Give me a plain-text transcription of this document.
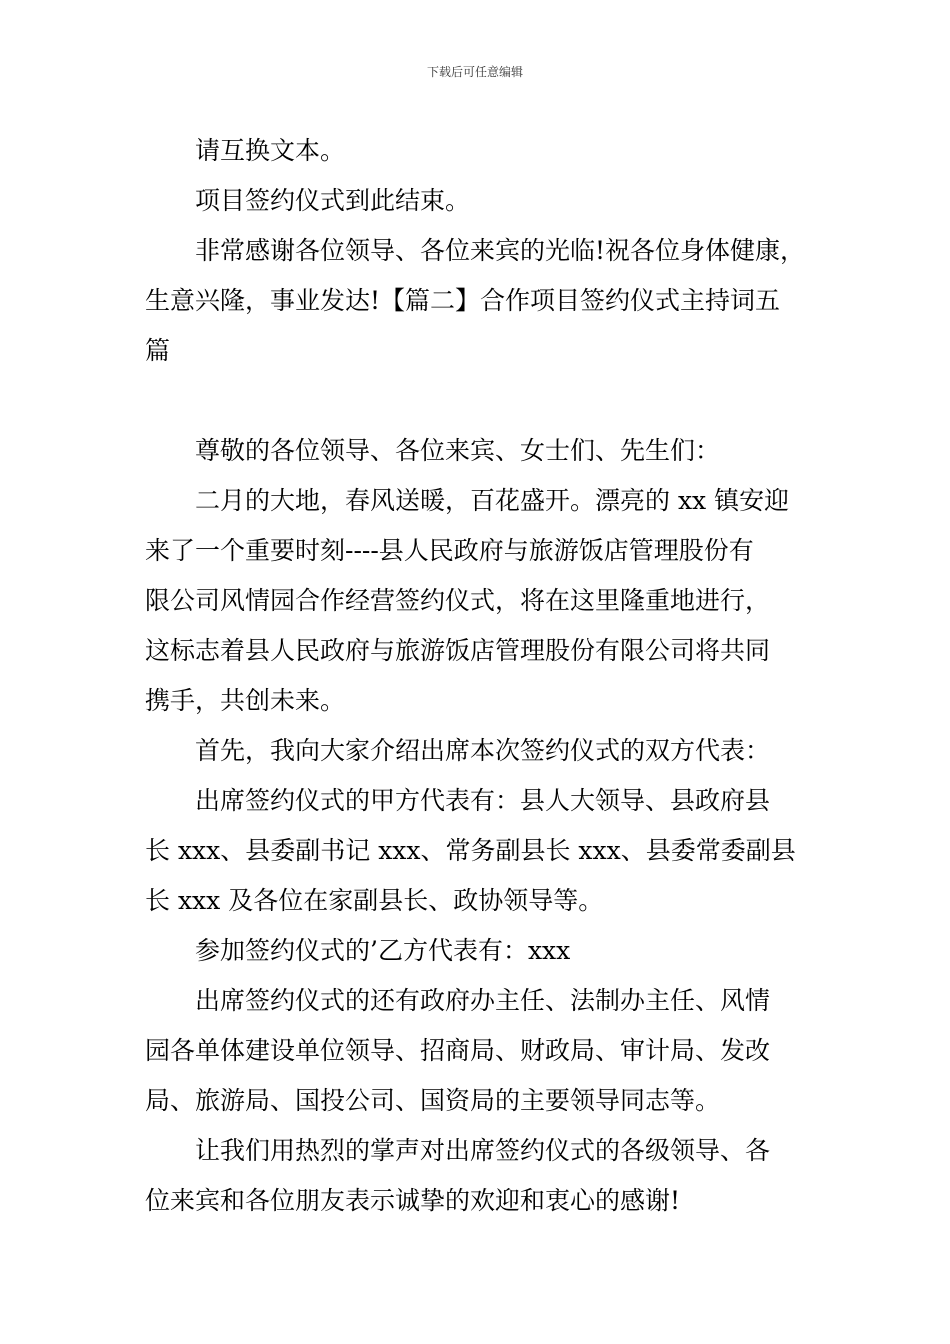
下载后可任意编辑
请互换文本。
项目签约仪式到此结束。
非常感谢各位领导、各位来宾的光临!祝各位身体健康，
生意兴隆，事业发达!【篇二】合作项目签约仪式主持词五
篇
尊敬的各位领导、各位来宾、女士们、先生们：
二月的大地，春风送暖，百花盛开。漂亮的 xx 镇安迎
来了一个重要时刻----县人民政府与旅游饭店管理股份有
限公司风情园合作经营签约仪式，将在这里隆重地进行，
这标志着县人民政府与旅游饭店管理股份有限公司将共同
携手，共创未来。
首先，我向大家介绍出席本次签约仪式的双方代表：
出席签约仪式的甲方代表有：县人大领导、县政府县
长 xxx、县委副书记 xxx、常务副县长 xxx、县委常委副县
长 xxx 及各位在家副县长、政协领导等。
参加签约仪式的’乙方代表有：xxx
出席签约仪式的还有政府办主任、法制办主任、风情
园各单体建设单位领导、招商局、财政局、审计局、发改
局、旅游局、国投公司、国资局的主要领导同志等。
让我们用热烈的掌声对出席签约仪式的各级领导、各
位来宾和各位朋友表示诚挚的欢迎和衷心的感谢!
